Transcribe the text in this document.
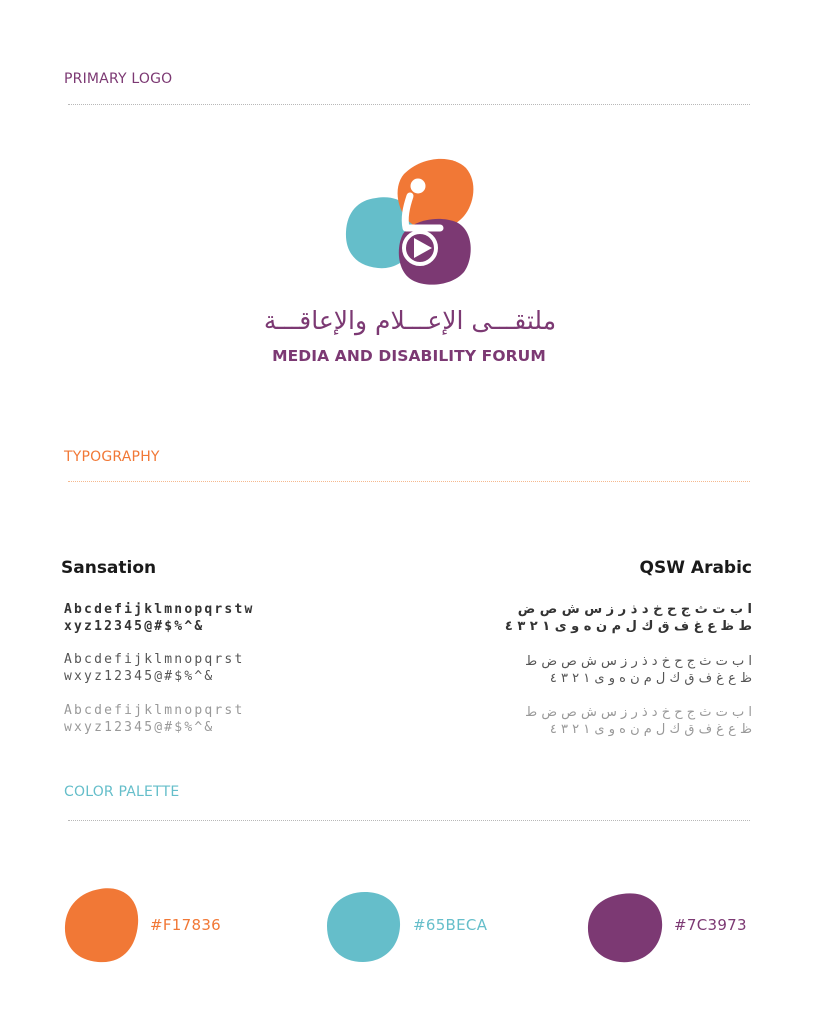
PRIMARY LOGO
ملتقـــى الإعـــلام والإعاقـــة
MEDIA AND DISABILITY FORUM
TYPOGRAPHY
Sansation	QSW Arabic
Abcdefijklmnopqrstw
xyz12345@#$%^&
Abcdefijklmnopqrst
wxyz12345@#$%^&
Abcdefijklmnopqrst
wxyz12345@#$%^&
ا ب ت ث ج ح خ د ذ ر ز س ش ص ض
ط ظ ع غ ف ق ك ل م ن ه و ى ١ ٢ ٣ ٤
ا ب ت ث ج ح خ د ذ ر ز س ش ص ض ط
ظ ع غ ف ق ك ل م ن ه و ى ١ ٢ ٣ ٤
ا ب ت ث ج ح خ د ذ ر ز س ش ص ض ط
ظ ع غ ف ق ك ل م ن ه و ى ١ ٢ ٣ ٤
COLOR PALETTE
#F17836	#65BECA	#7C3973
